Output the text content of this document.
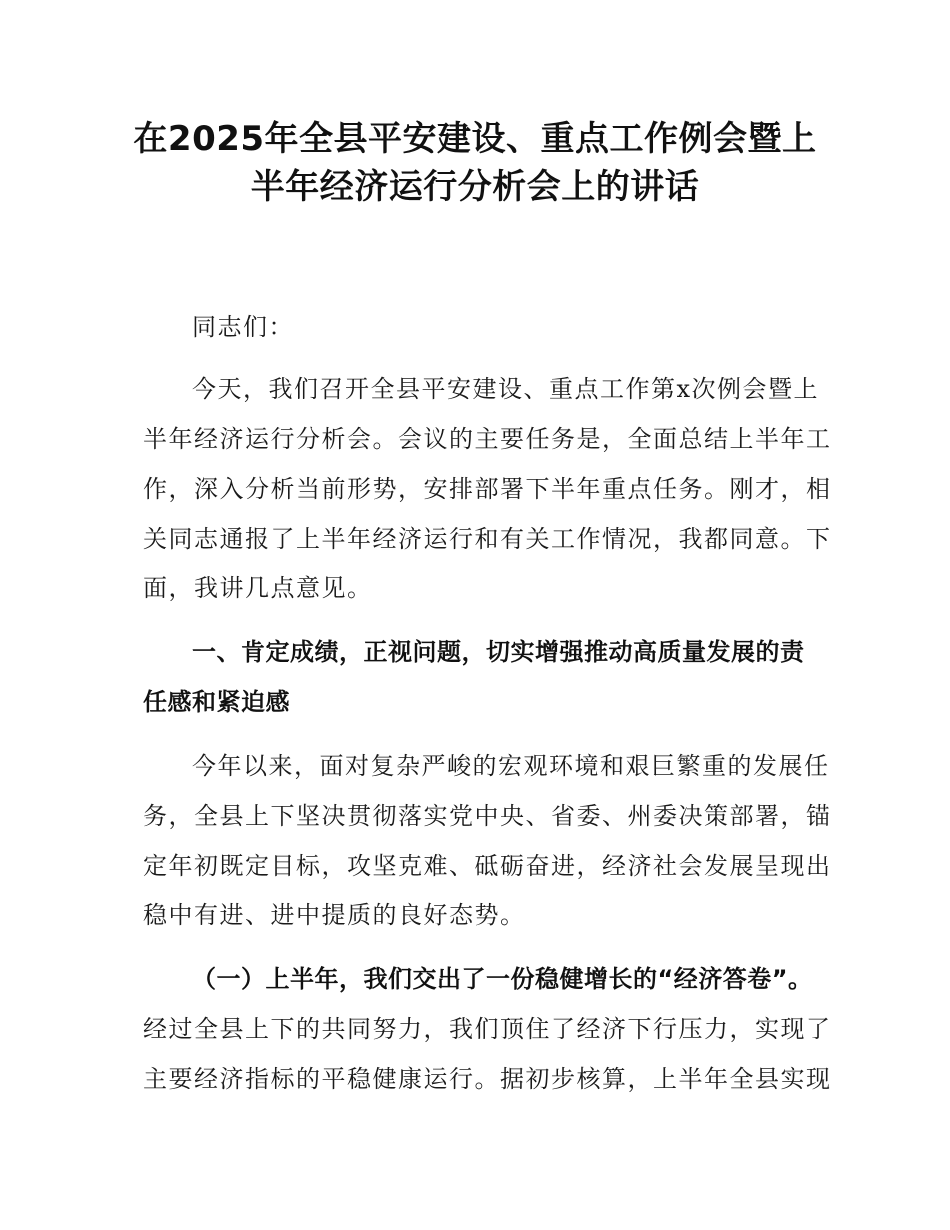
在2025年全县平安建设、重点工作例会暨上
半年经济运行分析会上的讲话
同志们：
今天，我们召开全县平安建设、重点工作第x次例会暨上
半年经济运行分析会。会议的主要任务是，全面总结上半年工
作，深入分析当前形势，安排部署下半年重点任务。刚才，相
关同志通报了上半年经济运行和有关工作情况，我都同意。下
面，我讲几点意见。
一、肯定成绩，正视问题，切实增强推动高质量发展的责
任感和紧迫感
今年以来，面对复杂严峻的宏观环境和艰巨繁重的发展任
务，全县上下坚决贯彻落实党中央、省委、州委决策部署，锚
定年初既定目标，攻坚克难、砥砺奋进，经济社会发展呈现出
稳中有进、进中提质的良好态势。
（一）上半年，我们交出了一份稳健增长的“经济答卷”。
经过全县上下的共同努力，我们顶住了经济下行压力，实现了
主要经济指标的平稳健康运行。据初步核算，上半年全县实现
